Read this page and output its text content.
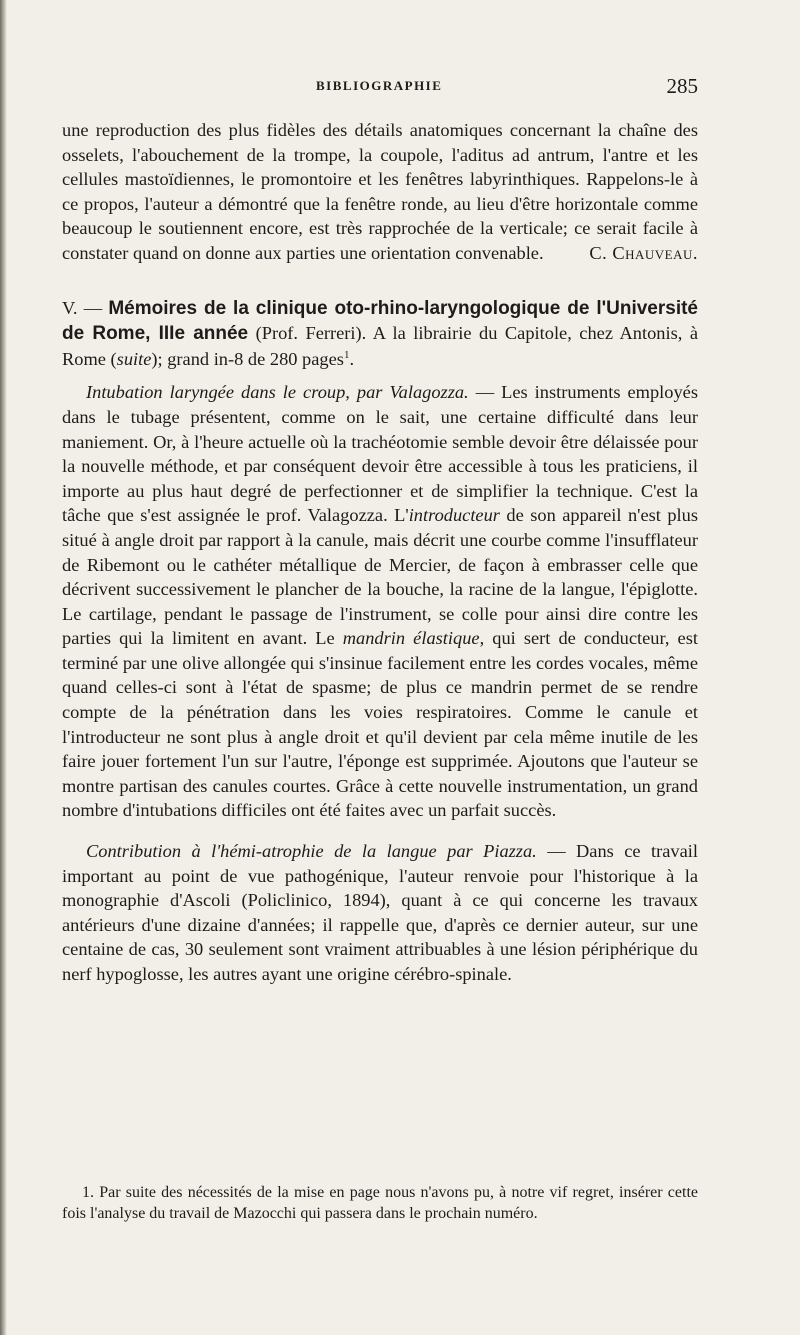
BIBLIOGRAPHIE	285

une reproduction des plus fidèles des détails anatomiques concernant la chaîne des osselets, l'abouchement de la trompe, la coupole, l'aditus ad antrum, l'antre et les cellules mastoïdiennes, le promontoire et les fenêtres labyrinthiques. Rappelons-le à ce propos, l'auteur a démontré que la fenêtre ronde, au lieu d'être horizontale comme beaucoup le soutiennent encore, est très rapprochée de la verticale; ce serait facile à constater quand on donne aux parties une orientation convenable. C. Chauveau.

V. — Mémoires de la clinique oto-rhino-laryngologique de l'Université de Rome, IIIe année (Prof. Ferreri). A la librairie du Capitole, chez Antonis, à Rome (suite); grand in-8 de 280 pages$^1$.

Intubation laryngée dans le croup, par Valagozza. — Les instruments employés dans le tubage présentent, comme on le sait, une certaine difficulté dans leur maniement. Or, à l'heure actuelle où la trachéotomie semble devoir être délaissée pour la nouvelle méthode, et par conséquent devoir être accessible à tous les praticiens, il importe au plus haut degré de perfectionner et de simplifier la technique. C'est la tâche que s'est assignée le prof. Valagozza. L'introducteur de son appareil n'est plus situé à angle droit par rapport à la canule, mais décrit une courbe comme l'insufflateur de Ribemont ou le cathéter métallique de Mercier, de façon à embrasser celle que décrivent successivement le plancher de la bouche, la racine de la langue, l'épiglotte. Le cartilage, pendant le passage de l'instrument, se colle pour ainsi dire contre les parties qui la limitent en avant. Le mandrin élastique, qui sert de conducteur, est terminé par une olive allongée qui s'insinue facilement entre les cordes vocales, même quand celles-ci sont à l'état de spasme; de plus ce mandrin permet de se rendre compte de la pénétration dans les voies respiratoires. Comme le canule et l'introducteur ne sont plus à angle droit et qu'il devient par cela même inutile de les faire jouer fortement l'un sur l'autre, l'éponge est supprimée. Ajoutons que l'auteur se montre partisan des canules courtes. Grâce à cette nouvelle instrumentation, un grand nombre d'intubations difficiles ont été faites avec un parfait succès.

Contribution à l'hémi-atrophie de la langue par Piazza. — Dans ce travail important au point de vue pathogénique, l'auteur renvoie pour l'historique à la monographie d'Ascoli (Policlinico, 1894), quant à ce qui concerne les travaux antérieurs d'une dizaine d'années; il rappelle que, d'après ce dernier auteur, sur une centaine de cas, 30 seulement sont vraiment attribuables à une lésion périphérique du nerf hypoglosse, les autres ayant une origine cérébro-spinale.

1. Par suite des nécessités de la mise en page nous n'avons pu, à notre vif regret, insérer cette fois l'analyse du travail de Mazocchi qui passera dans le prochain numéro.
